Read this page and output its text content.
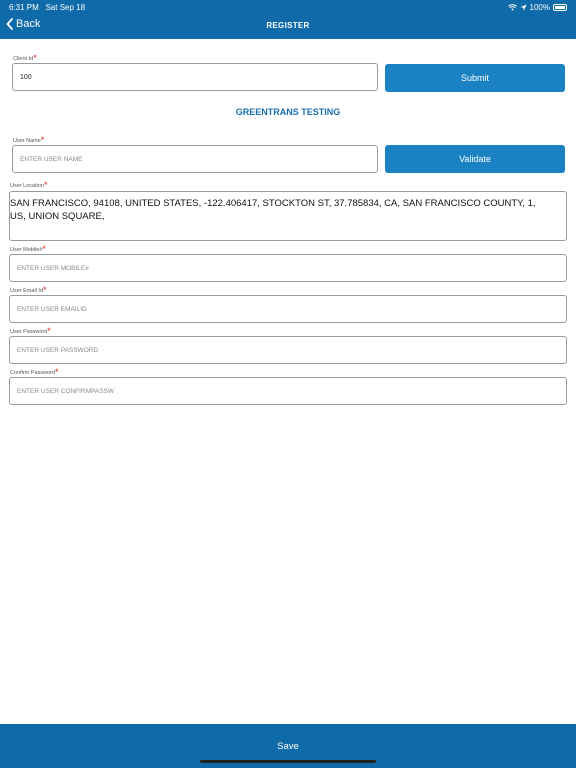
6:31 PM Sat Sep 18	100%
Back	REGISTER
Client Id*
100	Submit
GREENTRANS TESTING
User Name*
ENTER USER NAME	Validate
User Location*
SAN FRANCISCO, 94108, UNITED STATES, -122.406417, STOCKTON ST, 37.785834, CA, SAN FRANCISCO COUNTY, 1, US, UNION SQUARE,
User Mobile#*
ENTER USER MOBILE#
User Email Id*
ENTER USER EMAILID
User Password*
ENTER USER PASSWORD
Confirm Password*
ENTER USER CONFIRMPASSW
Save
